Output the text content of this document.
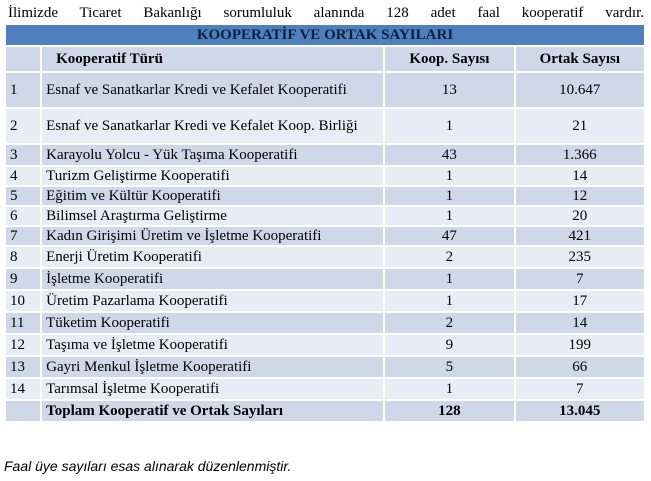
İlimizde Ticaret Bakanlığı sorumluluk alanında 128 adet faal kooperatif vardır.
KOOPERATİF VE ORTAK SAYILARI			
	Kooperatif Türü	Koop. Sayısı	Ortak Sayısı
1	Esnaf ve Sanatkarlar Kredi ve Kefalet Kooperatifi	13	10.647
2	Esnaf ve Sanatkarlar Kredi ve Kefalet Koop. Birliği	1	21
3	Karayolu Yolcu - Yük Taşıma Kooperatifi	43	1.366
4	Turizm Geliştirme Kooperatifi	1	14
5	Eğitim ve Kültür Kooperatifi	1	12
6	Bilimsel Araştırma Geliştirme	1	20
7	Kadın Girişimi Üretim ve İşletme Kooperatifi	47	421
8	Enerji Üretim Kooperatifi	2	235
9	İşletme Kooperatifi	1	7
10	Üretim Pazarlama Kooperatifi	1	17
11	Tüketim Kooperatifi	2	14
12	Taşıma ve İşletme Kooperatifi	9	199
13	Gayri Menkul İşletme Kooperatifi	5	66
14	Tarımsal İşletme Kooperatifi	1	7
	Toplam Kooperatif ve Ortak Sayıları	128	13.045
Faal üye sayıları esas alınarak düzenlenmiştir.
